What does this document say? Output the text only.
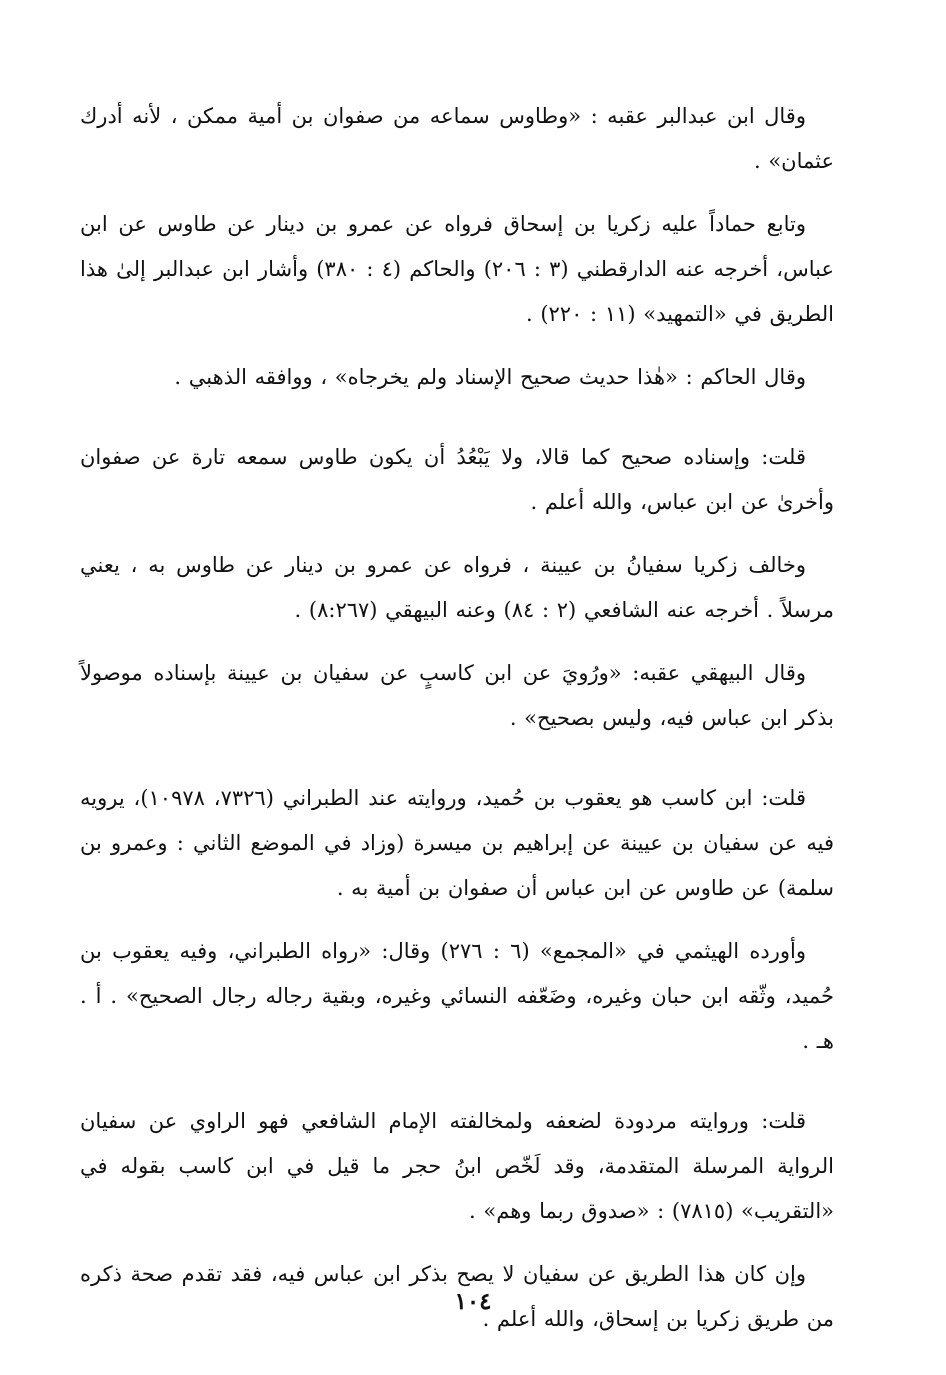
وقال ابن عبدالبر عقبه : «وطاوس سماعه من صفوان بن أمية ممكن ، لأنه أدرك عثمان» .

وتابع حماداً عليه زكريا بن إسحاق فرواه عن عمرو بن دينار عن طاوس عن ابن عباس، أخرجه عنه الدارقطني (٣ : ٢٠٦) والحاكم (٤ : ٣٨٠) وأشار ابن عبدالبر إلىٰ هذا الطريق في «التمهيد» (١١ : ٢٢٠) .

وقال الحاكم : «هٰذا حديث صحيح الإسناد ولم يخرجاه» ، ووافقه الذهبي .

قلت: وإسناده صحيح كما قالا، ولا يَبْعُدُ أن يكون طاوس سمعه تارة عن صفوان وأخرىٰ عن ابن عباس، والله أعلم .

وخالف زكريا سفيانُ بن عيينة ، فرواه عن عمرو بن دينار عن طاوس به ، يعني مرسلاً . أخرجه عنه الشافعي (٢ : ٨٤) وعنه البيهقي (٨:٢٦٧) .

وقال البيهقي عقبه: «ورُويَ عن ابن كاسبٍ عن سفيان بن عيينة بإسناده موصولاً بذكر ابن عباس فيه، وليس بصحيح» .

قلت: ابن كاسب هو يعقوب بن حُميد، وروايته عند الطبراني (٧٣٢٦، ١٠٩٧٨)، يرويه فيه عن سفيان بن عيينة عن إبراهيم بن ميسرة (وزاد في الموضع الثاني : وعمرو بن سلمة) عن طاوس عن ابن عباس أن صفوان بن أمية به .

وأورده الهيثمي في «المجمع» (٦ : ٢٧٦) وقال: «رواه الطبراني، وفيه يعقوب بن حُميد، وثّقه ابن حبان وغيره، وضَعّفه النسائي وغيره، وبقية رجاله رجال الصحيح» . أ . هـ .

قلت: وروايته مردودة لضعفه ولمخالفته الإمام الشافعي فهو الراوي عن سفيان الرواية المرسلة المتقدمة، وقد لَخّص ابنُ حجر ما قيل في ابن كاسب بقوله في «التقريب» (٧٨١٥) : «صدوق ربما وهم» .

وإن كان هذا الطريق عن سفيان لا يصح بذكر ابن عباس فيه، فقد تقدم صحة ذكره من طريق زكريا بن إسحاق، والله أعلم .

١٠٤
